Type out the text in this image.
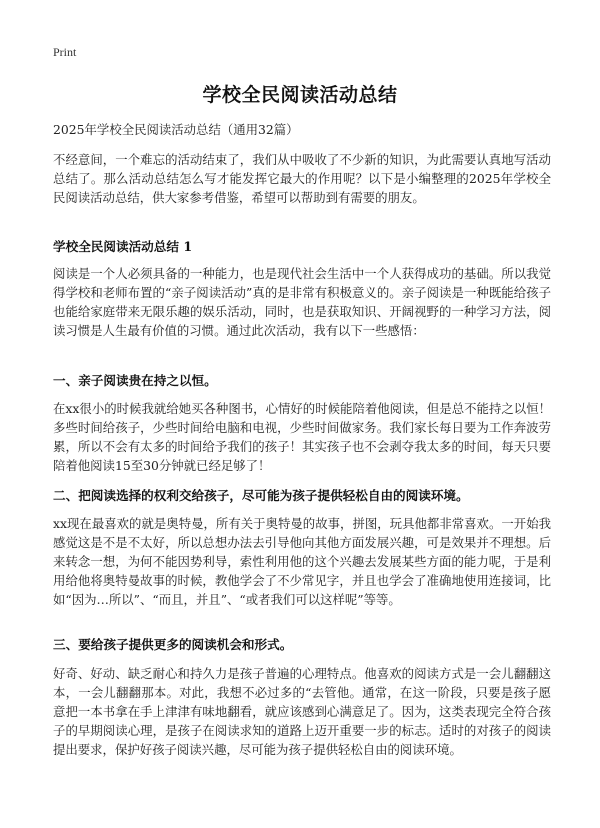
Print
学校全民阅读活动总结
2025年学校全民阅读活动总结（通用32篇）
不经意间，一个难忘的活动结束了，我们从中吸收了不少新的知识，为此需要认真地写活动总结了。那么活动总结怎么写才能发挥它最大的作用呢？以下是小编整理的2025年学校全民阅读活动总结，供大家参考借鉴，希望可以帮助到有需要的朋友。
学校全民阅读活动总结 1
阅读是一个人必须具备的一种能力，也是现代社会生活中一个人获得成功的基础。所以我觉得学校和老师布置的“亲子阅读活动”真的是非常有积极意义的。亲子阅读是一种既能给孩子也能给家庭带来无限乐趣的娱乐活动，同时，也是获取知识、开阔视野的一种学习方法，阅读习惯是人生最有价值的习惯。通过此次活动，我有以下一些感悟：
一、亲子阅读贵在持之以恒。
在xx很小的时候我就给她买各种图书，心情好的时候能陪着他阅读，但是总不能持之以恒！多些时间给孩子，少些时间给电脑和电视，少些时间做家务。我们家长每日要为工作奔波劳累，所以不会有太多的时间给予我们的孩子！其实孩子也不会剥夺我太多的时间，每天只要陪着他阅读15至30分钟就已经足够了！
二、把阅读选择的权利交给孩子，尽可能为孩子提供轻松自由的阅读环境。
xx现在最喜欢的就是奥特曼，所有关于奥特曼的故事，拼图，玩具他都非常喜欢。一开始我感觉这是不是不太好，所以总想办法去引导他向其他方面发展兴趣，可是效果并不理想。后来转念一想，为何不能因势利导，索性利用他的这个兴趣去发展某些方面的能力呢，于是利用给他将奥特曼故事的时候，教他学会了不少常见字，并且也学会了准确地使用连接词，比如“因为…所以”、“而且，并且”、“或者我们可以这样呢”等等。
三、要给孩子提供更多的阅读机会和形式。
好奇、好动、缺乏耐心和持久力是孩子普遍的心理特点。他喜欢的阅读方式是一会儿翻翻这本，一会儿翻翻那本。对此，我想不必过多的“去管他。通常，在这一阶段，只要是孩子愿意把一本书拿在手上津津有味地翻看，就应该感到心满意足了。因为，这类表现完全符合孩子的早期阅读心理，是孩子在阅读求知的道路上迈开重要一步的标志。适时的对孩子的阅读提出要求，保护好孩子阅读兴趣，尽可能为孩子提供轻松自由的阅读环境。
